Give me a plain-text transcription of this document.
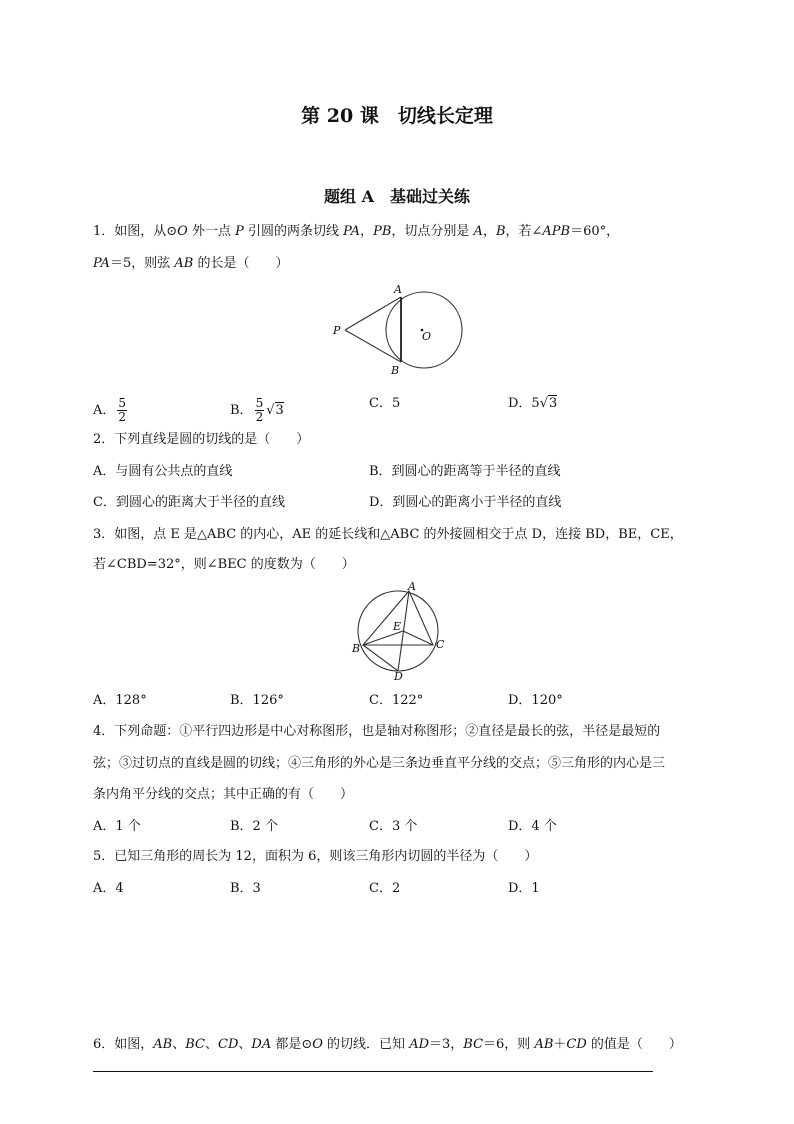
第 20 课　切线长定理
题组 A　基础过关练
1．如图，从⊙O 外一点 P 引圆的两条切线 PA，PB，切点分别是 A，B，若∠APB＝60°，
PA＝5，则弦 AB 的长是（　　）
A
B
P	O
A． $\frac{5}{2}$	B． $\frac{5}{2} √3$	C．5	D．5√3
2．下列直线是圆的切线的是（　　）
A．与圆有公共点的直线	B．到圆心的距离等于半径的直线
C．到圆心的距离大于半径的直线	D．到圆心的距离小于半径的直线
3．如图，点 E 是△ABC 的内心，AE 的延长线和△ABC 的外接圆相交于点 D，连接 BD，BE，CE，
若∠CBD=32°，则∠BEC 的度数为（　　）
A
B	C
D
E
A．128°	B．126°	C．122°	D．120°
4．下列命题：①平行四边形是中心对称图形，也是轴对称图形；②直径是最长的弦，半径是最短的
弦；③过切点的直线是圆的切线；④三角形的外心是三条边垂直平分线的交点；⑤三角形的内心是三
条内角平分线的交点；其中正确的有（　　）
A．1 个	B．2 个	C．3 个	D．4 个
5．已知三角形的周长为 12，面积为 6，则该三角形内切圆的半径为（　　）
A．4	B．3	C．2	D．1
6．如图，AB、BC、CD、DA 都是⊙O 的切线．已知 AD＝3，BC＝6，则 AB＋CD 的值是（　　）
